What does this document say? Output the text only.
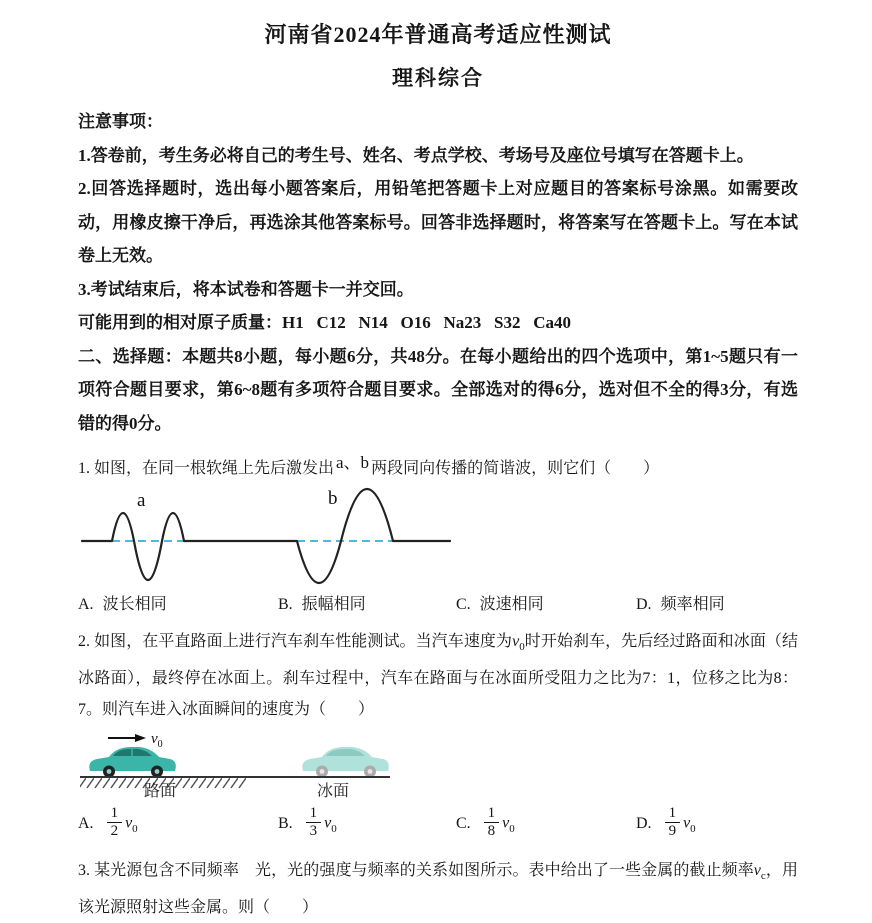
河南省2024年普通高考适应性测试
理科综合

注意事项：

1.答卷前，考生务必将自己的考生号、姓名、考点学校、考场号及座位号填写在答题卡上。

2.回答选择题时，选出每小题答案后，用铅笔把答题卡上对应题目的答案标号涂黑。如需要改动，用橡皮擦干净后，再选涂其他答案标号。回答非选择题时，将答案写在答题卡上。写在本试卷上无效。

3.考试结束后，将本试卷和答题卡一并交回。

可能用到的相对原子质量：H1   C12   N14   O16   Na23   S32   Ca40

二、选择题：本题共8小题，每小题6分，共48分。在每小题给出的四个选项中，第1~5题只有一项符合题目要求，第6~8题有多项符合题目要求。全部选对的得6分，选对但不全的得3分，有选错的得0分。

1. 如图，在同一根软绳上先后激发出 a、b 两段同向传播的简谐波，则它们（　　）

a	b
A. 波长相同	B. 振幅相同	C. 波速相同	D. 频率相同

2. 如图，在平直路面上进行汽车刹车性能测试。当汽车速度为$v_0$时开始刹车，先后经过路面和冰面（结冰路面），最终停在冰面上。刹车过程中，汽车在路面与在冰面所受阻力之比为7：1，位移之比为8：7。则汽车进入冰面瞬间的速度为（　　）

$v_0$
路面	冰面
A. $\frac{1}{2} v_0$	B. $\frac{1}{3} v_0$	C. $\frac{1}{8} v_0$	D. $\frac{1}{9} v_0$

3. 某光源包含不同频率　光，光的强度与频率的关系如图所示。表中给出了一些金属的截止频率$v_c$，用该光源照射这些金属。则（　　）
